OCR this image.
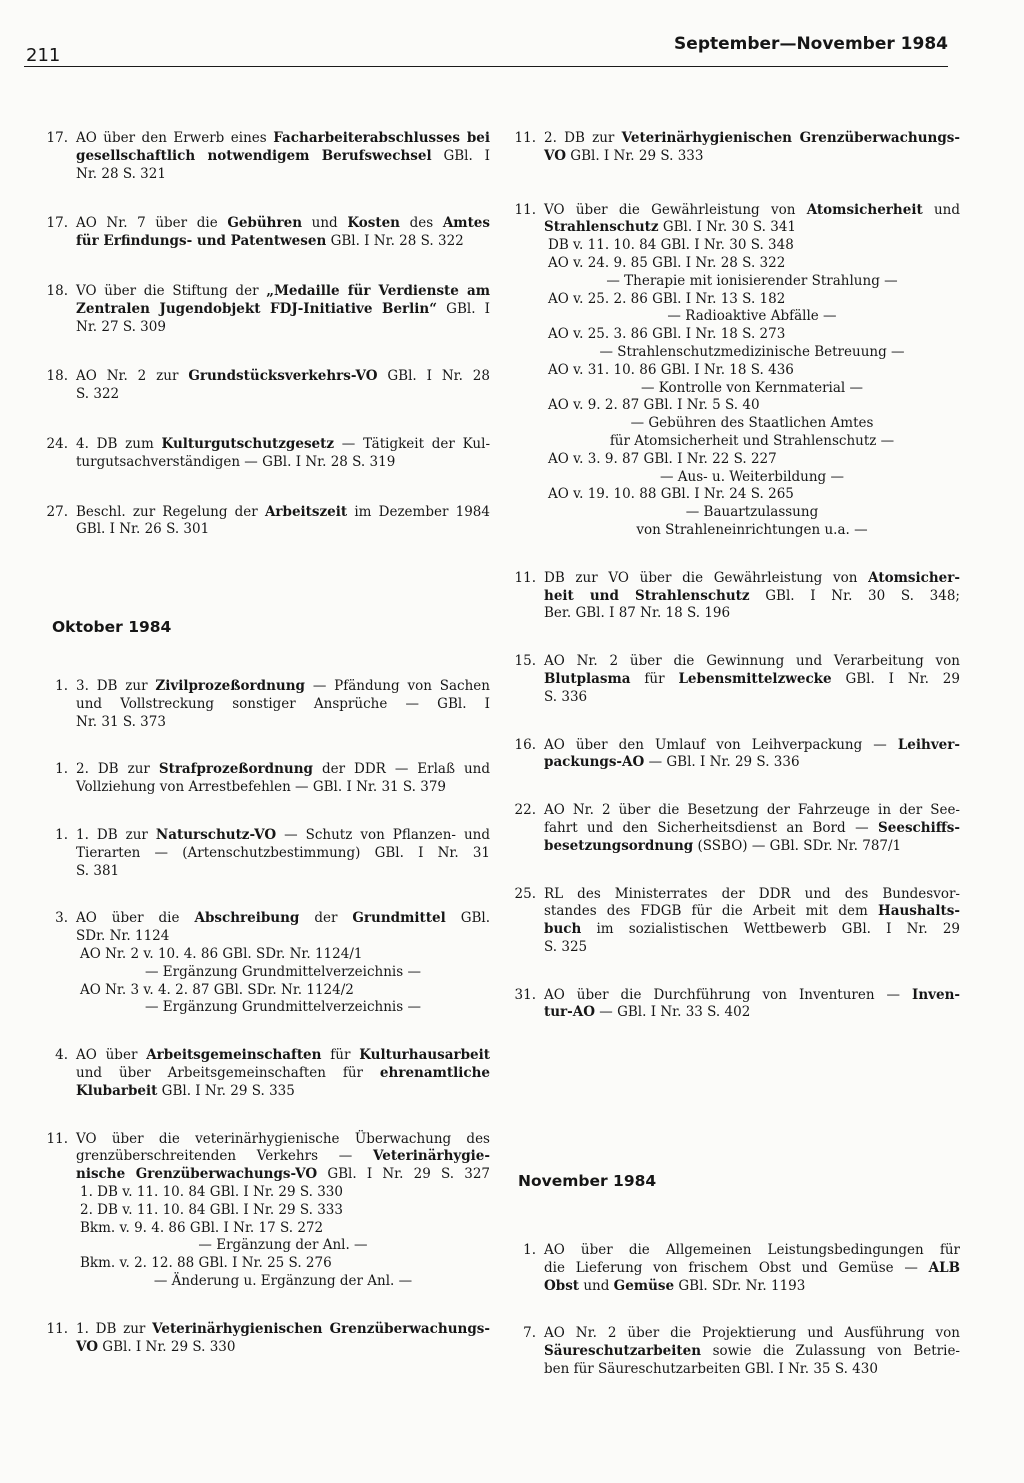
211
September—November 1984
17. AO über den Erwerb eines Facharbeiterabschlusses bei
gesellschaftlich notwendigem Berufswechsel GBl. I
Nr. 28 S. 321
17. AO Nr. 7 über die Gebühren und Kosten des Amtes
für Erfindungs- und Patentwesen GBl. I Nr. 28 S. 322
18. VO über die Stiftung der „Medaille für Verdienste am
Zentralen Jugendobjekt FDJ-Initiative Berlin“ GBl. I
Nr. 27 S. 309
18. AO Nr. 2 zur Grundstücksverkehrs-VO GBl. I Nr. 28
S. 322
24. 4. DB zum Kulturgutschutzgesetz — Tätigkeit der Kul-
turgutsachverständigen — GBl. I Nr. 28 S. 319
27. Beschl. zur Regelung der Arbeitszeit im Dezember 1984
GBl. I Nr. 26 S. 301
Oktober 1984
1. 3. DB zur Zivilprozeßordnung — Pfändung von Sachen
und Vollstreckung sonstiger Ansprüche — GBl. I
Nr. 31 S. 373
1. 2. DB zur Strafprozeßordnung der DDR — Erlaß und
Vollziehung von Arrestbefehlen — GBl. I Nr. 31 S. 379
1. 1. DB zur Naturschutz-VO — Schutz von Pflanzen- und
Tierarten — (Artenschutzbestimmung) GBl. I Nr. 31
S. 381
3. AO über die Abschreibung der Grundmittel GBl.
SDr. Nr. 1124
AO Nr. 2 v. 10. 4. 86 GBl. SDr. Nr. 1124/1
— Ergänzung Grundmittelverzeichnis —
AO Nr. 3 v. 4. 2. 87 GBl. SDr. Nr. 1124/2
— Ergänzung Grundmittelverzeichnis —
4. AO über Arbeitsgemeinschaften für Kulturhausarbeit
und über Arbeitsgemeinschaften für ehrenamtliche
Klubarbeit GBl. I Nr. 29 S. 335
11. VO über die veterinärhygienische Überwachung des
grenzüberschreitenden Verkehrs — Veterinärhygie-
nische Grenzüberwachungs-VO GBl. I Nr. 29 S. 327
1. DB v. 11. 10. 84 GBl. I Nr. 29 S. 330
2. DB v. 11. 10. 84 GBl. I Nr. 29 S. 333
Bkm. v. 9. 4. 86 GBl. I Nr. 17 S. 272
— Ergänzung der Anl. —
Bkm. v. 2. 12. 88 GBl. I Nr. 25 S. 276
— Änderung u. Ergänzung der Anl. —
11. 1. DB zur Veterinärhygienischen Grenzüberwachungs-
VO GBl. I Nr. 29 S. 330
11. 2. DB zur Veterinärhygienischen Grenzüberwachungs-
VO GBl. I Nr. 29 S. 333
11. VO über die Gewährleistung von Atomsicherheit und
Strahlenschutz GBl. I Nr. 30 S. 341
DB v. 11. 10. 84 GBl. I Nr. 30 S. 348
AO v. 24. 9. 85 GBl. I Nr. 28 S. 322
— Therapie mit ionisierender Strahlung —
AO v. 25. 2. 86 GBl. I Nr. 13 S. 182
— Radioaktive Abfälle —
AO v. 25. 3. 86 GBl. I Nr. 18 S. 273
— Strahlenschutzmedizinische Betreuung —
AO v. 31. 10. 86 GBl. I Nr. 18 S. 436
— Kontrolle von Kernmaterial —
AO v. 9. 2. 87 GBl. I Nr. 5 S. 40
— Gebühren des Staatlichen Amtes
für Atomsicherheit und Strahlenschutz —
AO v. 3. 9. 87 GBl. I Nr. 22 S. 227
— Aus- u. Weiterbildung —
AO v. 19. 10. 88 GBl. I Nr. 24 S. 265
— Bauartzulassung
von Strahleneinrichtungen u.a. —
11. DB zur VO über die Gewährleistung von Atomsicher-
heit und Strahlenschutz GBl. I Nr. 30 S. 348;
Ber. GBl. I 87 Nr. 18 S. 196
15. AO Nr. 2 über die Gewinnung und Verarbeitung von
Blutplasma für Lebensmittelzwecke GBl. I Nr. 29
S. 336
16. AO über den Umlauf von Leihverpackung — Leihver-
packungs-AO — GBl. I Nr. 29 S. 336
22. AO Nr. 2 über die Besetzung der Fahrzeuge in der See-
fahrt und den Sicherheitsdienst an Bord — Seeschiffs-
besetzungsordnung (SSBO) — GBl. SDr. Nr. 787/1
25. RL des Ministerrates der DDR und des Bundesvor-
standes des FDGB für die Arbeit mit dem Haushalts-
buch im sozialistischen Wettbewerb GBl. I Nr. 29
S. 325
31. AO über die Durchführung von Inventuren — Inven-
tur-AO — GBl. I Nr. 33 S. 402
November 1984
1. AO über die Allgemeinen Leistungsbedingungen für
die Lieferung von frischem Obst und Gemüse — ALB
Obst und Gemüse GBl. SDr. Nr. 1193
7. AO Nr. 2 über die Projektierung und Ausführung von
Säureschutzarbeiten sowie die Zulassung von Betrie-
ben für Säureschutzarbeiten GBl. I Nr. 35 S. 430
